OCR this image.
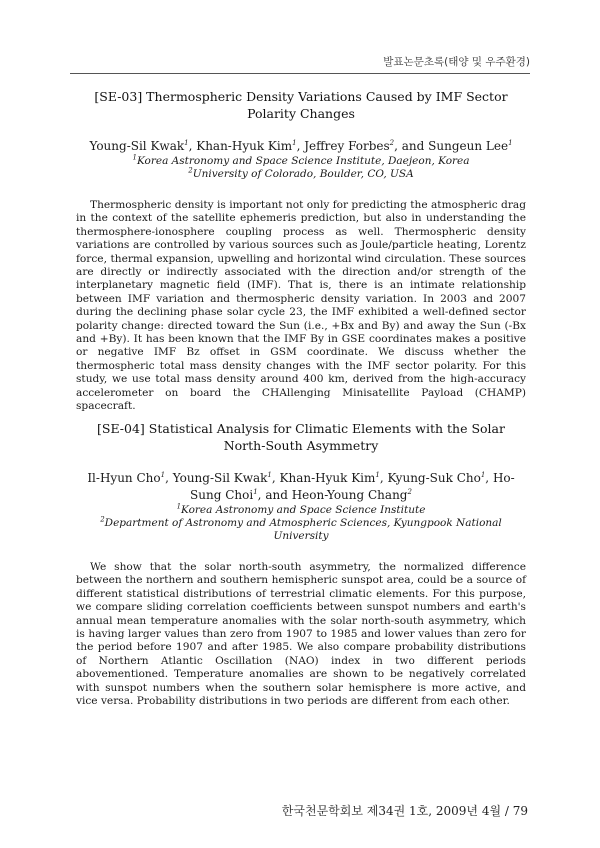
발표논문초록(태양 및 우주환경)
[SE-03] Thermospheric Density Variations Caused by IMF Sector Polarity Changes
Young-Sil Kwak$^1$, Khan-Hyuk Kim$^1$, Jeffrey Forbes$^2$, and Sungeun Lee$^1$
$^1$Korea Astronomy and Space Science Institute, Daejeon, Korea
$^2$University of Colorado, Boulder, CO, USA

Thermospheric density is important not only for predicting the atmospheric drag in the context of the satellite ephemeris prediction, but also in understanding the thermosphere-ionosphere coupling process as well. Thermospheric density variations are controlled by various sources such as Joule/particle heating, Lorentz force, thermal expansion, upwelling and horizontal wind circulation. These sources are directly or indirectly associated with the direction and/or strength of the interplanetary magnetic field (IMF). That is, there is an intimate relationship between IMF variation and thermospheric density variation. In 2003 and 2007 during the declining phase solar cycle 23, the IMF exhibited a well-defined sector polarity change: directed toward the Sun (i.e., +Bx and By) and away the Sun (-Bx and +By). It has been known that the IMF By in GSE coordinates makes a positive or negative IMF Bz offset in GSM coordinate. We discuss whether the thermospheric total mass density changes with the IMF sector polarity. For this study, we use total mass density around 400 km, derived from the high-accuracy accelerometer on board the CHAllenging Minisatellite Payload (CHAMP) spacecraft.

[SE-04] Statistical Analysis for Climatic Elements with the Solar North-South Asymmetry
Il-Hyun Cho$^1$, Young-Sil Kwak$^1$, Khan-Hyuk Kim$^1$, Kyung-Suk Cho$^1$, Ho-Sung Choi$^1$, and Heon-Young Chang$^2$
$^1$Korea Astronomy and Space Science Institute
$^2$Department of Astronomy and Atmospheric Sciences, Kyungpook National University

We show that the solar north-south asymmetry, the normalized difference between the northern and southern hemispheric sunspot area, could be a source of different statistical distributions of terrestrial climatic elements. For this purpose, we compare sliding correlation coefficients between sunspot numbers and earth's annual mean temperature anomalies with the solar north-south asymmetry, which is having larger values than zero from 1907 to 1985 and lower values than zero for the period before 1907 and after 1985. We also compare probability distributions of Northern Atlantic Oscillation (NAO) index in two different periods abovementioned. Temperature anomalies are shown to be negatively correlated with sunspot numbers when the southern solar hemisphere is more active, and vice versa. Probability distributions in two periods are different from each other.

한국천문학회보 제34권 1호, 2009년 4월 / 79
